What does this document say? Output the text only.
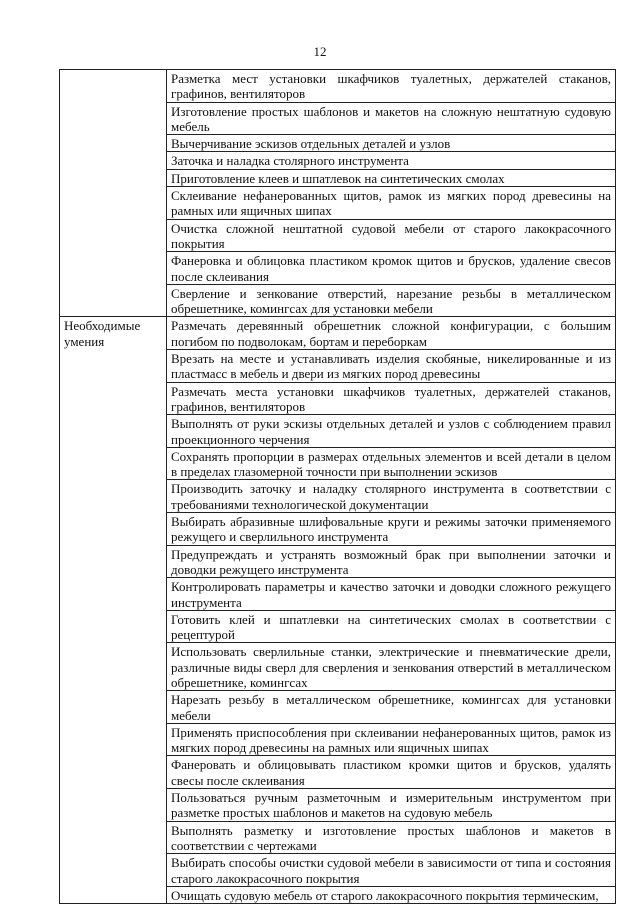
12
	Разметка мест установки шкафчиков туалетных, держателей стаканов, графинов, вентиляторов
	Изготовление простых шаблонов и макетов на сложную нештатную судовую мебель
	Вычерчивание эскизов отдельных деталей и узлов
	Заточка и наладка столярного инструмента
	Приготовление клеев и шпатлевок на синтетических смолах
	Склеивание нефанерованных щитов, рамок из мягких пород древесины на рамных или ящичных шипах
	Очистка сложной нештатной судовой мебели от старого лакокрасочного покрытия
	Фанеровка и облицовка пластиком кромок щитов и брусков, удаление свесов после склеивания
	Сверление и зенкование отверстий, нарезание резьбы в металлическом обрешетнике, комингсах для установки мебели
Необходимые умения	Размечать деревянный обрешетник сложной конфигурации, с большим погибом по подволокам, бортам и переборкам
	Врезать на месте и устанавливать изделия скобяные, никелированные и из пластмасс в мебель и двери из мягких пород древесины
	Размечать места установки шкафчиков туалетных, держателей стаканов, графинов, вентиляторов
	Выполнять от руки эскизы отдельных деталей и узлов с соблюдением правил проекционного черчения
	Сохранять пропорции в размерах отдельных элементов и всей детали в целом в пределах глазомерной точности при выполнении эскизов
	Производить заточку и наладку столярного инструмента в соответствии с требованиями технологической документации
	Выбирать абразивные шлифовальные круги и режимы заточки применяемого режущего и сверлильного инструмента
	Предупреждать и устранять возможный брак при выполнении заточки и доводки режущего инструмента
	Контролировать параметры и качество заточки и доводки сложного режущего инструмента
	Готовить клей и шпатлевки на синтетических смолах в соответствии с рецептурой
	Использовать сверлильные станки, электрические и пневматические дрели, различные виды сверл для сверления и зенкования отверстий в металлическом обрешетнике, комингсах
	Нарезать резьбу в металлическом обрешетнике, комингсах для установки мебели
	Применять приспособления при склеивании нефанерованных щитов, рамок из мягких пород древесины на рамных или ящичных шипах
	Фанеровать и облицовывать пластиком кромки щитов и брусков, удалять свесы после склеивания
	Пользоваться ручным разметочным и измерительным инструментом при разметке простых шаблонов и макетов на судовую мебель
	Выполнять разметку и изготовление простых шаблонов и макетов в соответствии с чертежами
	Выбирать способы очистки судовой мебели в зависимости от типа и состояния старого лакокрасочного покрытия
	Очищать судовую мебель от старого лакокрасочного покрытия термическим,
